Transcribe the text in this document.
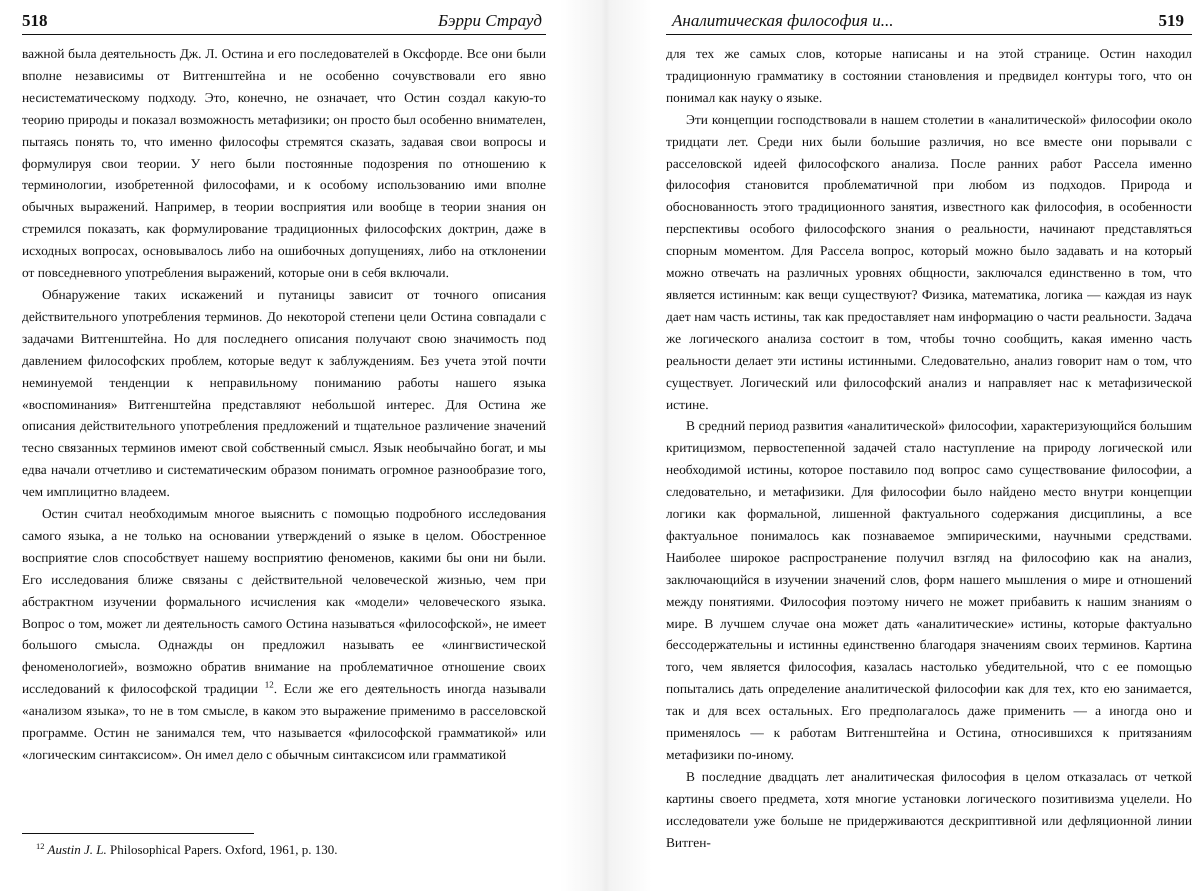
518	Бэрри Страуд

важной была деятельность Дж. Л. Остина и его последователей в Оксфорде. Все они были вполне независимы от Витгенштейна и не особенно сочувствовали его явно несистематическому подходу. Это, конечно, не означает, что Остин создал какую-то теорию природы и показал возможность метафизики; он просто был особенно внимателен, пытаясь понять то, что именно философы стремятся сказать, задавая свои вопросы и формулируя свои теории. У него были постоянные подозрения по отношению к терминологии, изобретенной философами, и к особому использованию ими вполне обычных выражений. Например, в теории восприятия или вообще в теории знания он стремился показать, как формулирование традиционных философских доктрин, даже в исходных вопросах, основывалось либо на ошибочных допущениях, либо на отклонении от повседневного употребления выражений, которые они в себя включали.

Обнаружение таких искажений и путаницы зависит от точного описания действительного употребления терминов. До некоторой степени цели Остина совпадали с задачами Витгенштейна. Но для последнего описания получают свою значимость под давлением философских проблем, которые ведут к заблуждениям. Без учета этой почти неминуемой тенденции к неправильному пониманию работы нашего языка «воспоминания» Витгенштейна представляют небольшой интерес. Для Остина же описания действительного употребления предложений и тщательное различение значений тесно связанных терминов имеют свой собственный смысл. Язык необычайно богат, и мы едва начали отчетливо и систематическим образом понимать огромное разнообразие того, чем имплицитно владеем.

Остин считал необходимым многое выяснить с помощью подробного исследования самого языка, а не только на основании утверждений о языке в целом. Обостренное восприятие слов способствует нашему восприятию феноменов, какими бы они ни были. Его исследования ближе связаны с действительной человеческой жизнью, чем при абстрактном изучении формального исчисления как «модели» человеческого языка. Вопрос о том, может ли деятельность самого Остина называться «философской», не имеет большого смысла. Однажды он предложил называть ее «лингвистической феноменологией», возможно обратив внимание на проблематичное отношение своих исследований к философской традиции $^{12}$. Если же его деятельность иногда называли «анализом языка», то не в том смысле, в каком это выражение применимо в расселовской программе. Остин не занимался тем, что называется «философской грамматикой» или «логическим синтаксисом». Он имел дело с обычным синтаксисом или грамматикой

$^{12}$ Austin J. L. Philosophical Papers. Oxford, 1961, p. 130.
Аналитическая философия и...	519

для тех же самых слов, которые написаны и на этой странице. Остин находил традиционную грамматику в состоянии становления и предвидел контуры того, что он понимал как науку о языке.

Эти концепции господствовали в нашем столетии в «аналитической» философии около тридцати лет. Среди них были большие различия, но все вместе они порывали с расселовской идеей философского анализа. После ранних работ Рассела именно философия становится проблематичной при любом из подходов. Природа и обоснованность этого традиционного занятия, известного как философия, в особенности перспективы особого философского знания о реальности, начинают представляться спорным моментом. Для Рассела вопрос, который можно было задавать и на который можно отвечать на различных уровнях общности, заключался единственно в том, что является истинным: как вещи существуют? Физика, математика, логика — каждая из наук дает нам часть истины, так как предоставляет нам информацию о части реальности. Задача же логического анализа состоит в том, чтобы точно сообщить, какая именно часть реальности делает эти истины истинными. Следовательно, анализ говорит нам о том, что существует. Логический или философский анализ и направляет нас к метафизической истине.

В средний период развития «аналитической» философии, характеризующийся большим критицизмом, первостепенной задачей стало наступление на природу логической или необходимой истины, которое поставило под вопрос само существование философии, а следовательно, и метафизики. Для философии было найдено место внутри концепции логики как формальной, лишенной фактуального содержания дисциплины, а все фактуальное понималось как познаваемое эмпирическими, научными средствами. Наиболее широкое распространение получил взгляд на философию как на анализ, заключающийся в изучении значений слов, форм нашего мышления о мире и отношений между понятиями. Философия поэтому ничего не может прибавить к нашим знаниям о мире. В лучшем случае она может дать «аналитические» истины, которые фактуально бессодержательны и истинны единственно благодаря значениям своих терминов. Картина того, чем является философия, казалась настолько убедительной, что с ее помощью попытались дать определение аналитической философии как для тех, кто ею занимается, так и для всех остальных. Его предполагалось даже применить — а иногда оно и применялось — к работам Витгенштейна и Остина, относившихся к притязаниям метафизики по-иному.

В последние двадцать лет аналитическая философия в целом отказалась от четкой картины своего предмета, хотя многие установки логического позитивизма уцелели. Но исследователи уже больше не придерживаются дескриптивной или дефляционной линии Витген-
